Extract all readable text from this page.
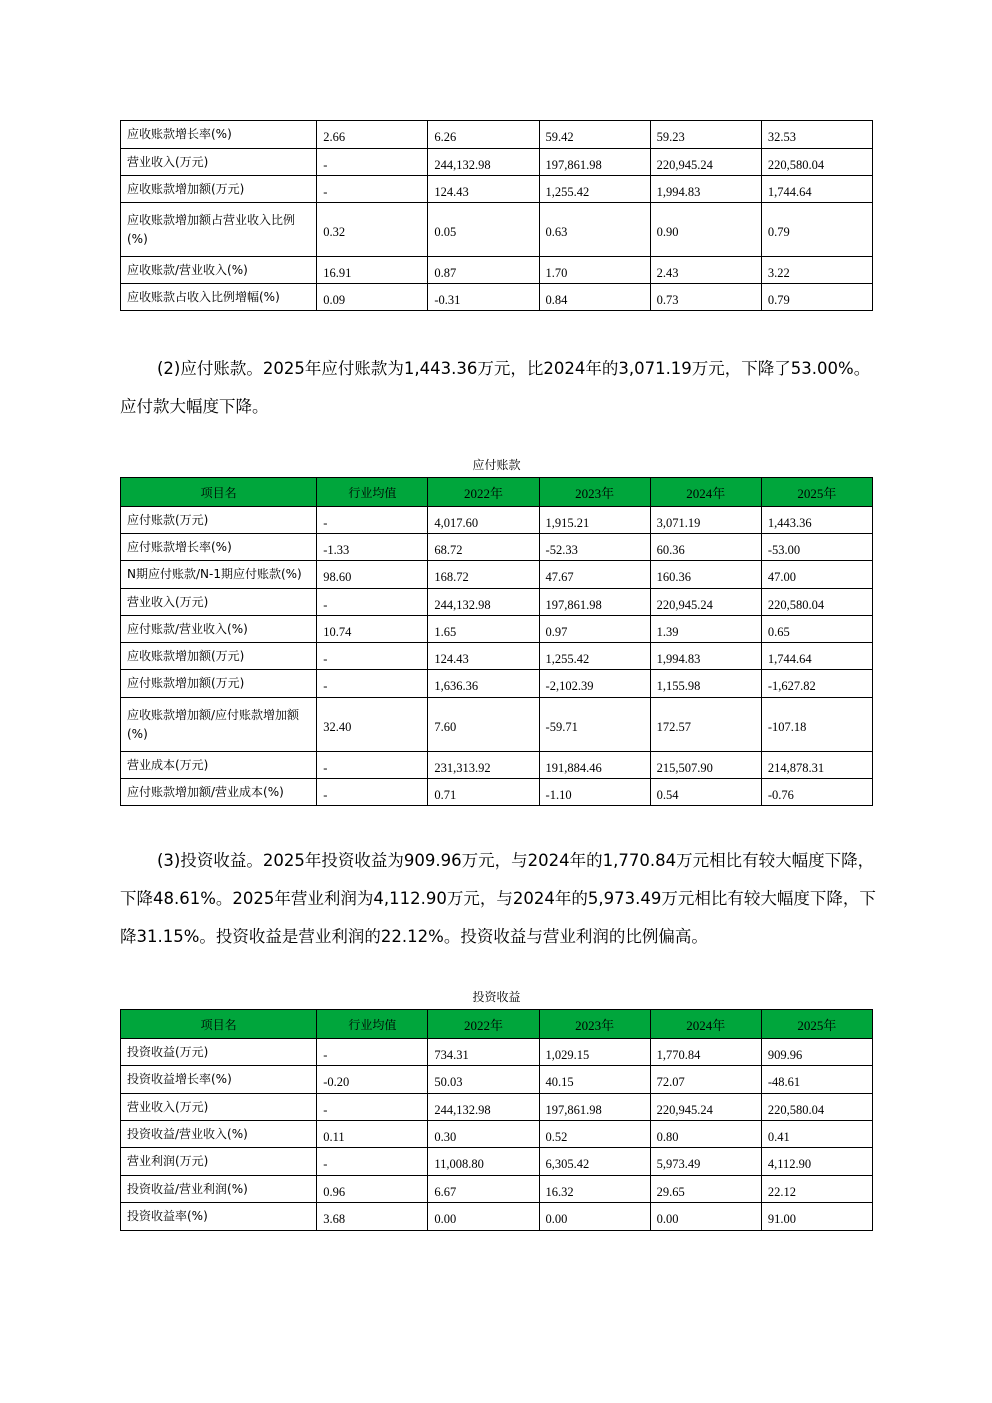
应收账款增长率(%)	2.66	6.26	59.42	59.23	32.53
营业收入(万元)	-	244,132.98	197,861.98	220,945.24	220,580.04
应收账款增加额(万元)	-	124.43	1,255.42	1,994.83	1,744.64
应收账款增加额占营业收入比例(%)	0.32	0.05	0.63	0.90	0.79
应收账款/营业收入(%)	16.91	0.87	1.70	2.43	3.22
应收账款占收入比例增幅(%)	0.09	-0.31	0.84	0.73	0.79

(2)应付账款。2025年应付账款为1,443.36万元，比2024年的3,071.19万元，下降了53.00%。应付款大幅度下降。

应付账款
项目名	行业均值	2022年	2023年	2024年	2025年
应付账款(万元)	-	4,017.60	1,915.21	3,071.19	1,443.36
应付账款增长率(%)	-1.33	68.72	-52.33	60.36	-53.00
N期应付账款/N-1期应付账款(%)	98.60	168.72	47.67	160.36	47.00
营业收入(万元)	-	244,132.98	197,861.98	220,945.24	220,580.04
应付账款/营业收入(%)	10.74	1.65	0.97	1.39	0.65
应收账款增加额(万元)	-	124.43	1,255.42	1,994.83	1,744.64
应付账款增加额(万元)	-	1,636.36	-2,102.39	1,155.98	-1,627.82
应收账款增加额/应付账款增加额(%)	32.40	7.60	-59.71	172.57	-107.18
营业成本(万元)	-	231,313.92	191,884.46	215,507.90	214,878.31
应付账款增加额/营业成本(%)	-	0.71	-1.10	0.54	-0.76

(3)投资收益。2025年投资收益为909.96万元，与2024年的1,770.84万元相比有较大幅度下降，下降48.61%。2025年营业利润为4,112.90万元，与2024年的5,973.49万元相比有较大幅度下降，下降31.15%。投资收益是营业利润的22.12%。投资收益与营业利润的比例偏高。

投资收益
项目名	行业均值	2022年	2023年	2024年	2025年
投资收益(万元)	-	734.31	1,029.15	1,770.84	909.96
投资收益增长率(%)	-0.20	50.03	40.15	72.07	-48.61
营业收入(万元)	-	244,132.98	197,861.98	220,945.24	220,580.04
投资收益/营业收入(%)	0.11	0.30	0.52	0.80	0.41
营业利润(万元)	-	11,008.80	6,305.42	5,973.49	4,112.90
投资收益/营业利润(%)	0.96	6.67	16.32	29.65	22.12
投资收益率(%)	3.68	0.00	0.00	0.00	91.00
